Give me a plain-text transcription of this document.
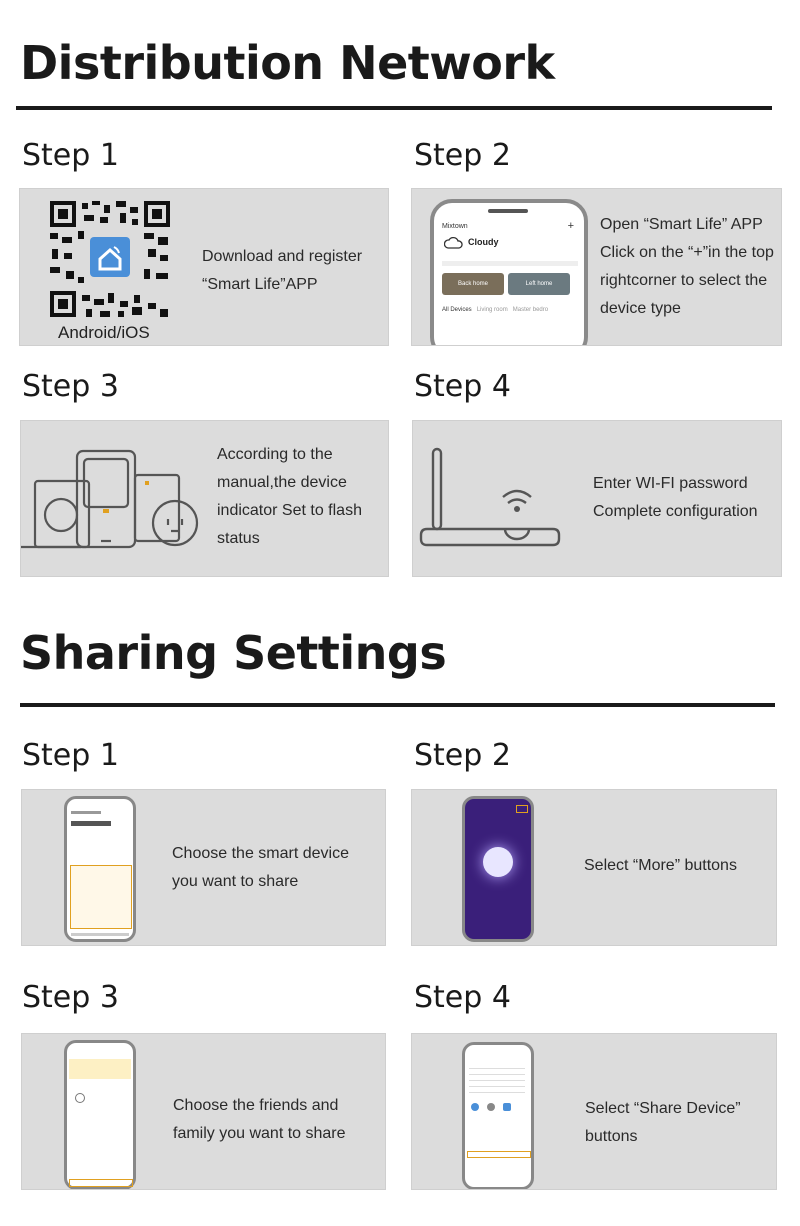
Distribution Network
Step 1	Step 2
Android/iOS
Download and register
“Smart Life”APP
Mixtown	+
Cloudy
Back home	Left home
All Devices Living room Master bedro
Open “Smart Life” APP
Click on the “+”in the top
rightcorner to select the
device type
Step 3	Step 4
According to the
manual,the device
indicator Set to flash
status
Enter WI-FI password
Complete configuration
Sharing Settings
Step 1	Step 2
Choose the smart device
you want to share
Select “More” buttons
Step 3	Step 4
Choose the friends and
family you want to share
Select “Share Device”
buttons
